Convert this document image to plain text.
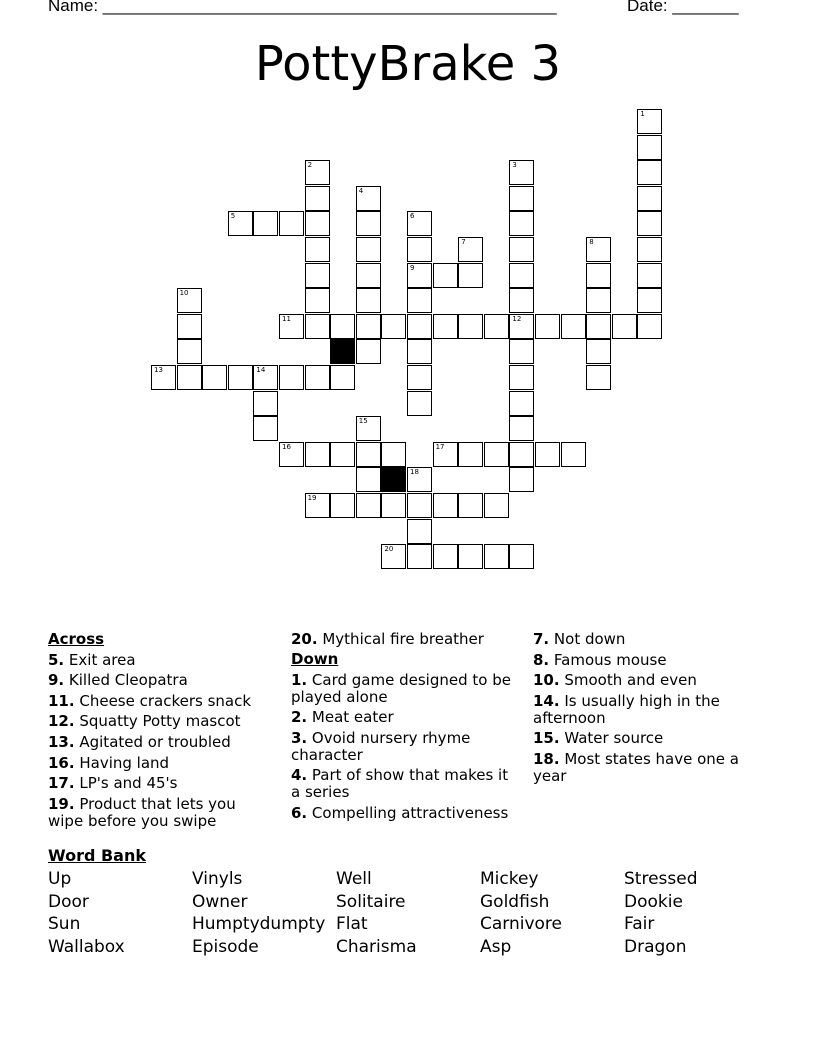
Name: ________________________________________________	Date: _______
PottyBrake 3
5
9
11	12
13	14
16	17
19
20
1
2	3
4
6
7	8
10
15
18
Across
5. Exit area
9. Killed Cleopatra
11. Cheese crackers snack
12. Squatty Potty mascot
13. Agitated or troubled
16. Having land
17. LP's and 45's
19. Product that lets you wipe before you swipe
20. Mythical fire breather
Down
1. Card game designed to be played alone
2. Meat eater
3. Ovoid nursery rhyme character
4. Part of show that makes it a series
6. Compelling attractiveness
7. Not down
8. Famous mouse
10. Smooth and even
14. Is usually high in the afternoon
15. Water source
18. Most states have one a year
Word Bank
Up
Door
Sun
Wallabox
Vinyls
Owner
Humptydumpty
Episode
Well
Solitaire
Flat
Charisma
Mickey
Goldfish
Carnivore
Asp
Stressed
Dookie
Fair
Dragon
